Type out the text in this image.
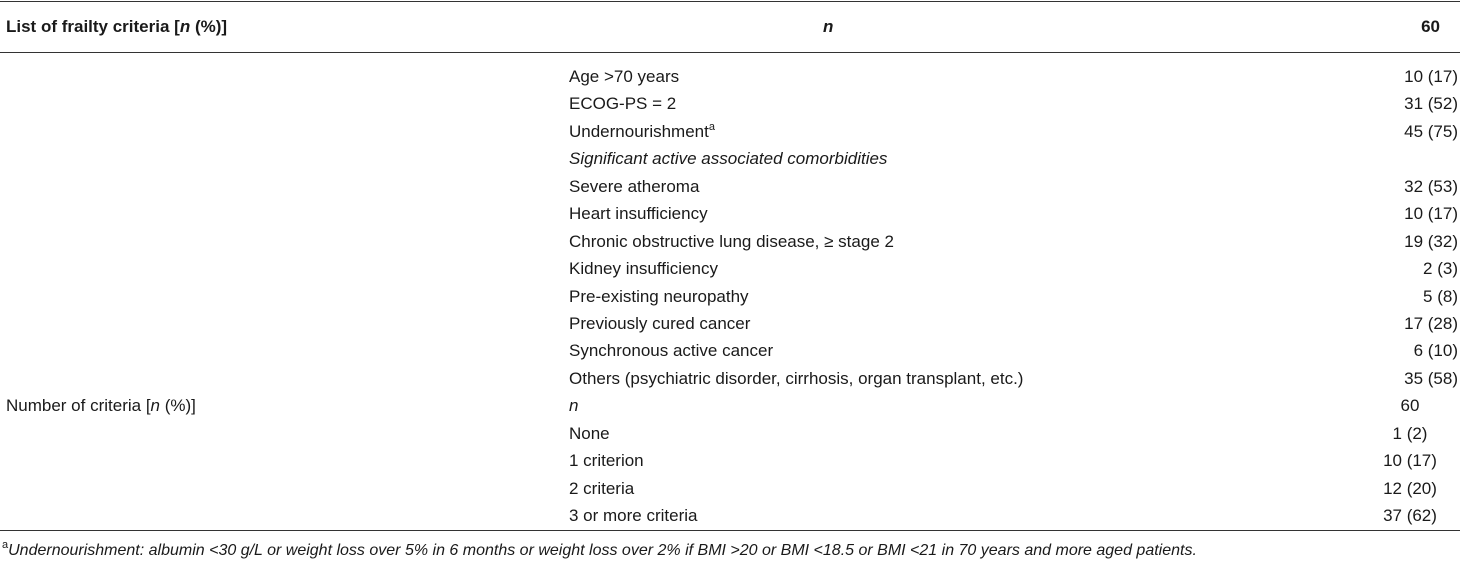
List of frailty criteria [n (%)]	n	60
Age >70 years	10 (17)
ECOG-PS = 2	31 (52)
Undernourishment$^a$	45 (75)
Significant active associated comorbidities
Severe atheroma	32 (53)
Heart insufficiency	10 (17)
Chronic obstructive lung disease, ≥ stage 2	19 (32)
Kidney insufficiency	2 (3)
Pre-existing neuropathy	5 (8)
Previously cured cancer	17 (28)
Synchronous active cancer	6 (10)
Others (psychiatric disorder, cirrhosis, organ transplant, etc.)	35 (58)
Number of criteria [n (%)]	n	60
None	1 (2)
1 criterion	10 (17)
2 criteria	12 (20)
3 or more criteria	37 (62)
$^a$Undernourishment: albumin <30 g/L or weight loss over 5% in 6 months or weight loss over 2% if BMI >20 or BMI <18.5 or BMI <21 in 70 years and more aged patients.
